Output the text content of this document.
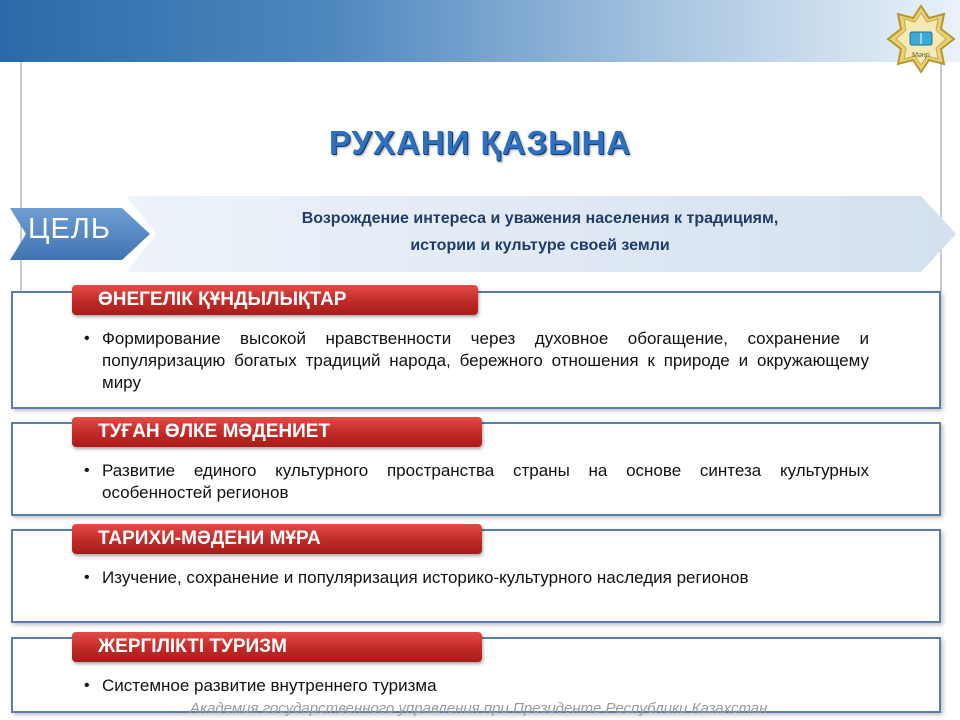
Мәңгі
РУХАНИ ҚАЗЫНА
Возрождение интереса и уважения населения к традициям,
истории и культуре своей земли
ЦЕЛЬ
ӨНЕГЕЛІК ҚҰНДЫЛЫҚТАР
• Формирование высокой нравственности через духовное обогащение, сохранение и популяризацию богатых традиций народа, бережного отношения к природе и окружающему миру
ТУҒАН ӨЛКЕ МӘДЕНИЕТ
• Развитие единого культурного пространства страны на основе синтеза культурных особенностей регионов
ТАРИХИ-МӘДЕНИ МҰРА
• Изучение, сохранение и популяризация историко-культурного наследия регионов
ЖЕРГІЛІКТІ ТУРИЗМ
• Системное развитие внутреннего туризма
Академия государственного управления при Президенте Республики Казахстан
